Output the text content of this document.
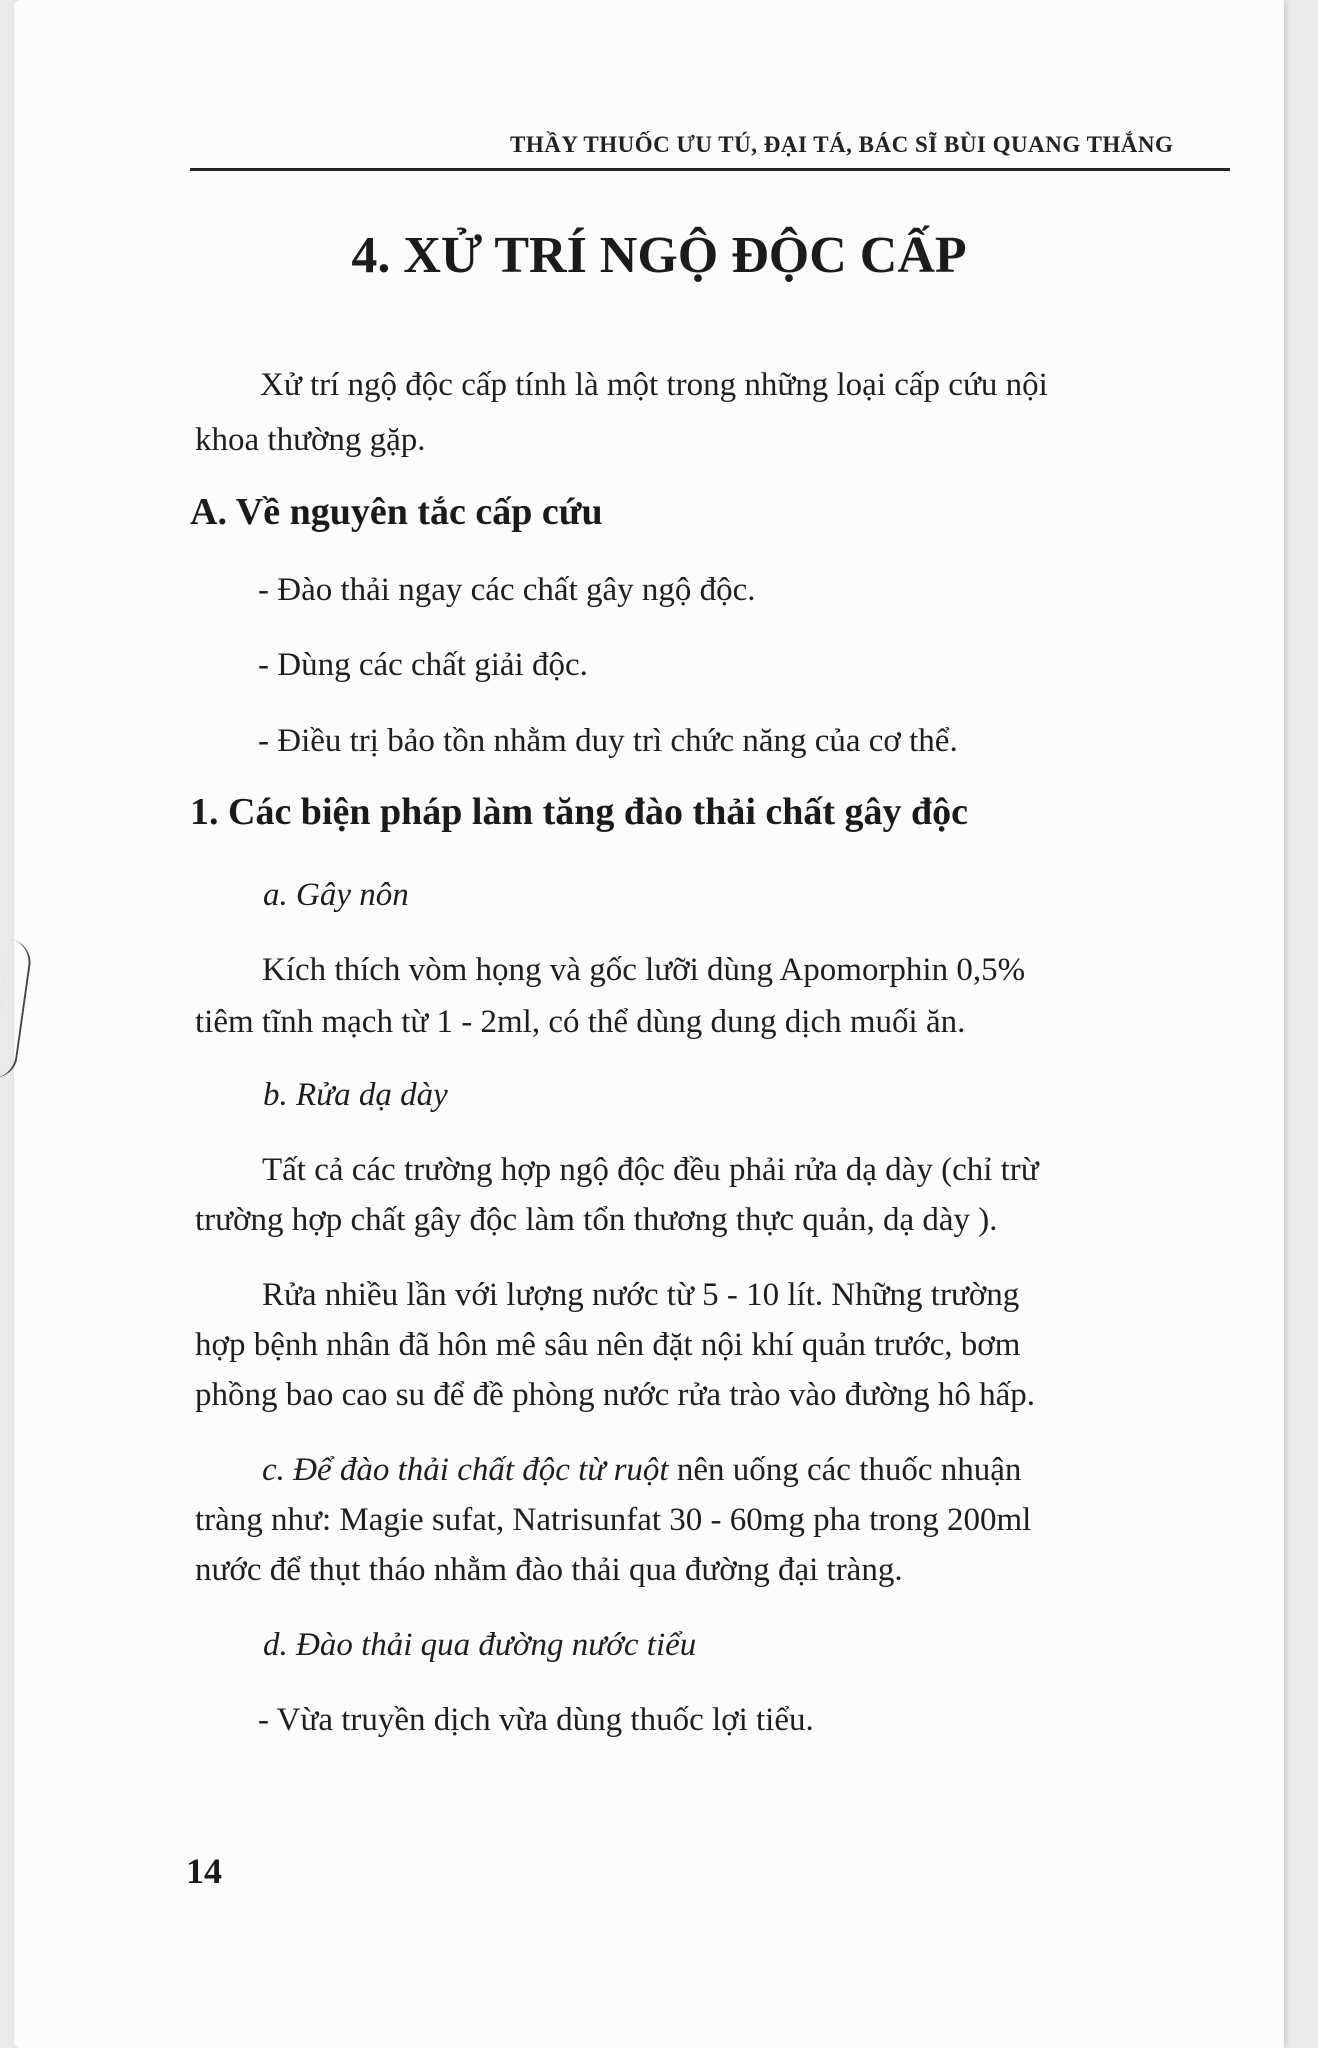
THẦY THUỐC ƯU TÚ, ĐẠI TÁ, BÁC SĨ BÙI QUANG THẮNG
4. XỬ TRÍ NGỘ ĐỘC CẤP
Xử trí ngộ độc cấp tính là một trong những loại cấp cứu nội
khoa thường gặp.
A. Về nguyên tắc cấp cứu
- Đào thải ngay các chất gây ngộ độc.
- Dùng các chất giải độc.
- Điều trị bảo tồn nhằm duy trì chức năng của cơ thể.
1. Các biện pháp làm tăng đào thải chất gây độc
a. Gây nôn
Kích thích vòm họng và gốc lưỡi dùng Apomorphin 0,5%
tiêm tĩnh mạch từ 1 - 2ml, có thể dùng dung dịch muối ăn.
b. Rửa dạ dày
Tất cả các trường hợp ngộ độc đều phải rửa dạ dày (chỉ trừ
trường hợp chất gây độc làm tổn thương thực quản, dạ dày ).
Rửa nhiều lần với lượng nước từ 5 - 10 lít. Những trường
hợp bệnh nhân đã hôn mê sâu nên đặt nội khí quản trước, bơm
phồng bao cao su để đề phòng nước rửa trào vào đường hô hấp.
c. Để đào thải chất độc từ ruột nên uống các thuốc nhuận
tràng như: Magie sufat, Natrisunfat 30 - 60mg pha trong 200ml
nước để thụt tháo nhằm đào thải qua đường đại tràng.
d. Đào thải qua đường nước tiểu
- Vừa truyền dịch vừa dùng thuốc lợi tiểu.
14
